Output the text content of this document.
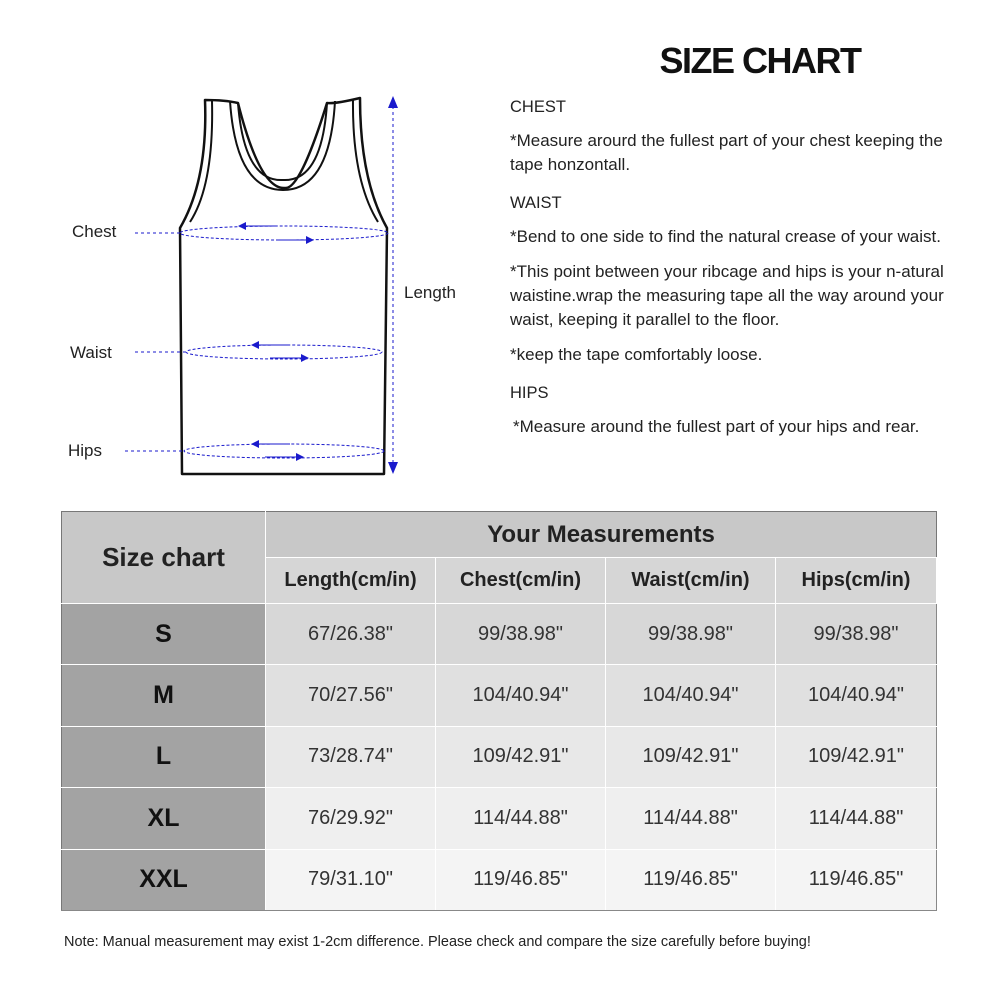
SIZE CHART
Chest
Waist
Hips
Length
CHEST

*Measure arourd the fullest part of your chest keeping the tape honzontall.

WAIST

*Bend to one side to find the natural crease of your waist.

*This point between your ribcage and hips is your n-atural waistine.wrap the measuring tape all the way around your waist, keeping it parallel to the floor.

*keep the tape comfortably loose.

HIPS

*Measure around the fullest part of your hips and rear.

Size chart	Your Measurements			
	Length(cm/in)	Chest(cm/in)	Waist(cm/in)	Hips(cm/in)
S	67/26.38"	99/38.98"	99/38.98"	99/38.98"
M	70/27.56"	104/40.94"	104/40.94"	104/40.94"
L	73/28.74"	109/42.91"	109/42.91"	109/42.91"
XL	76/29.92"	114/44.88"	114/44.88"	114/44.88"
XXL	79/31.10"	119/46.85"	119/46.85"	119/46.85"
Note: Manual measurement may exist 1-2cm difference. Please check and compare the size carefully before buying!
